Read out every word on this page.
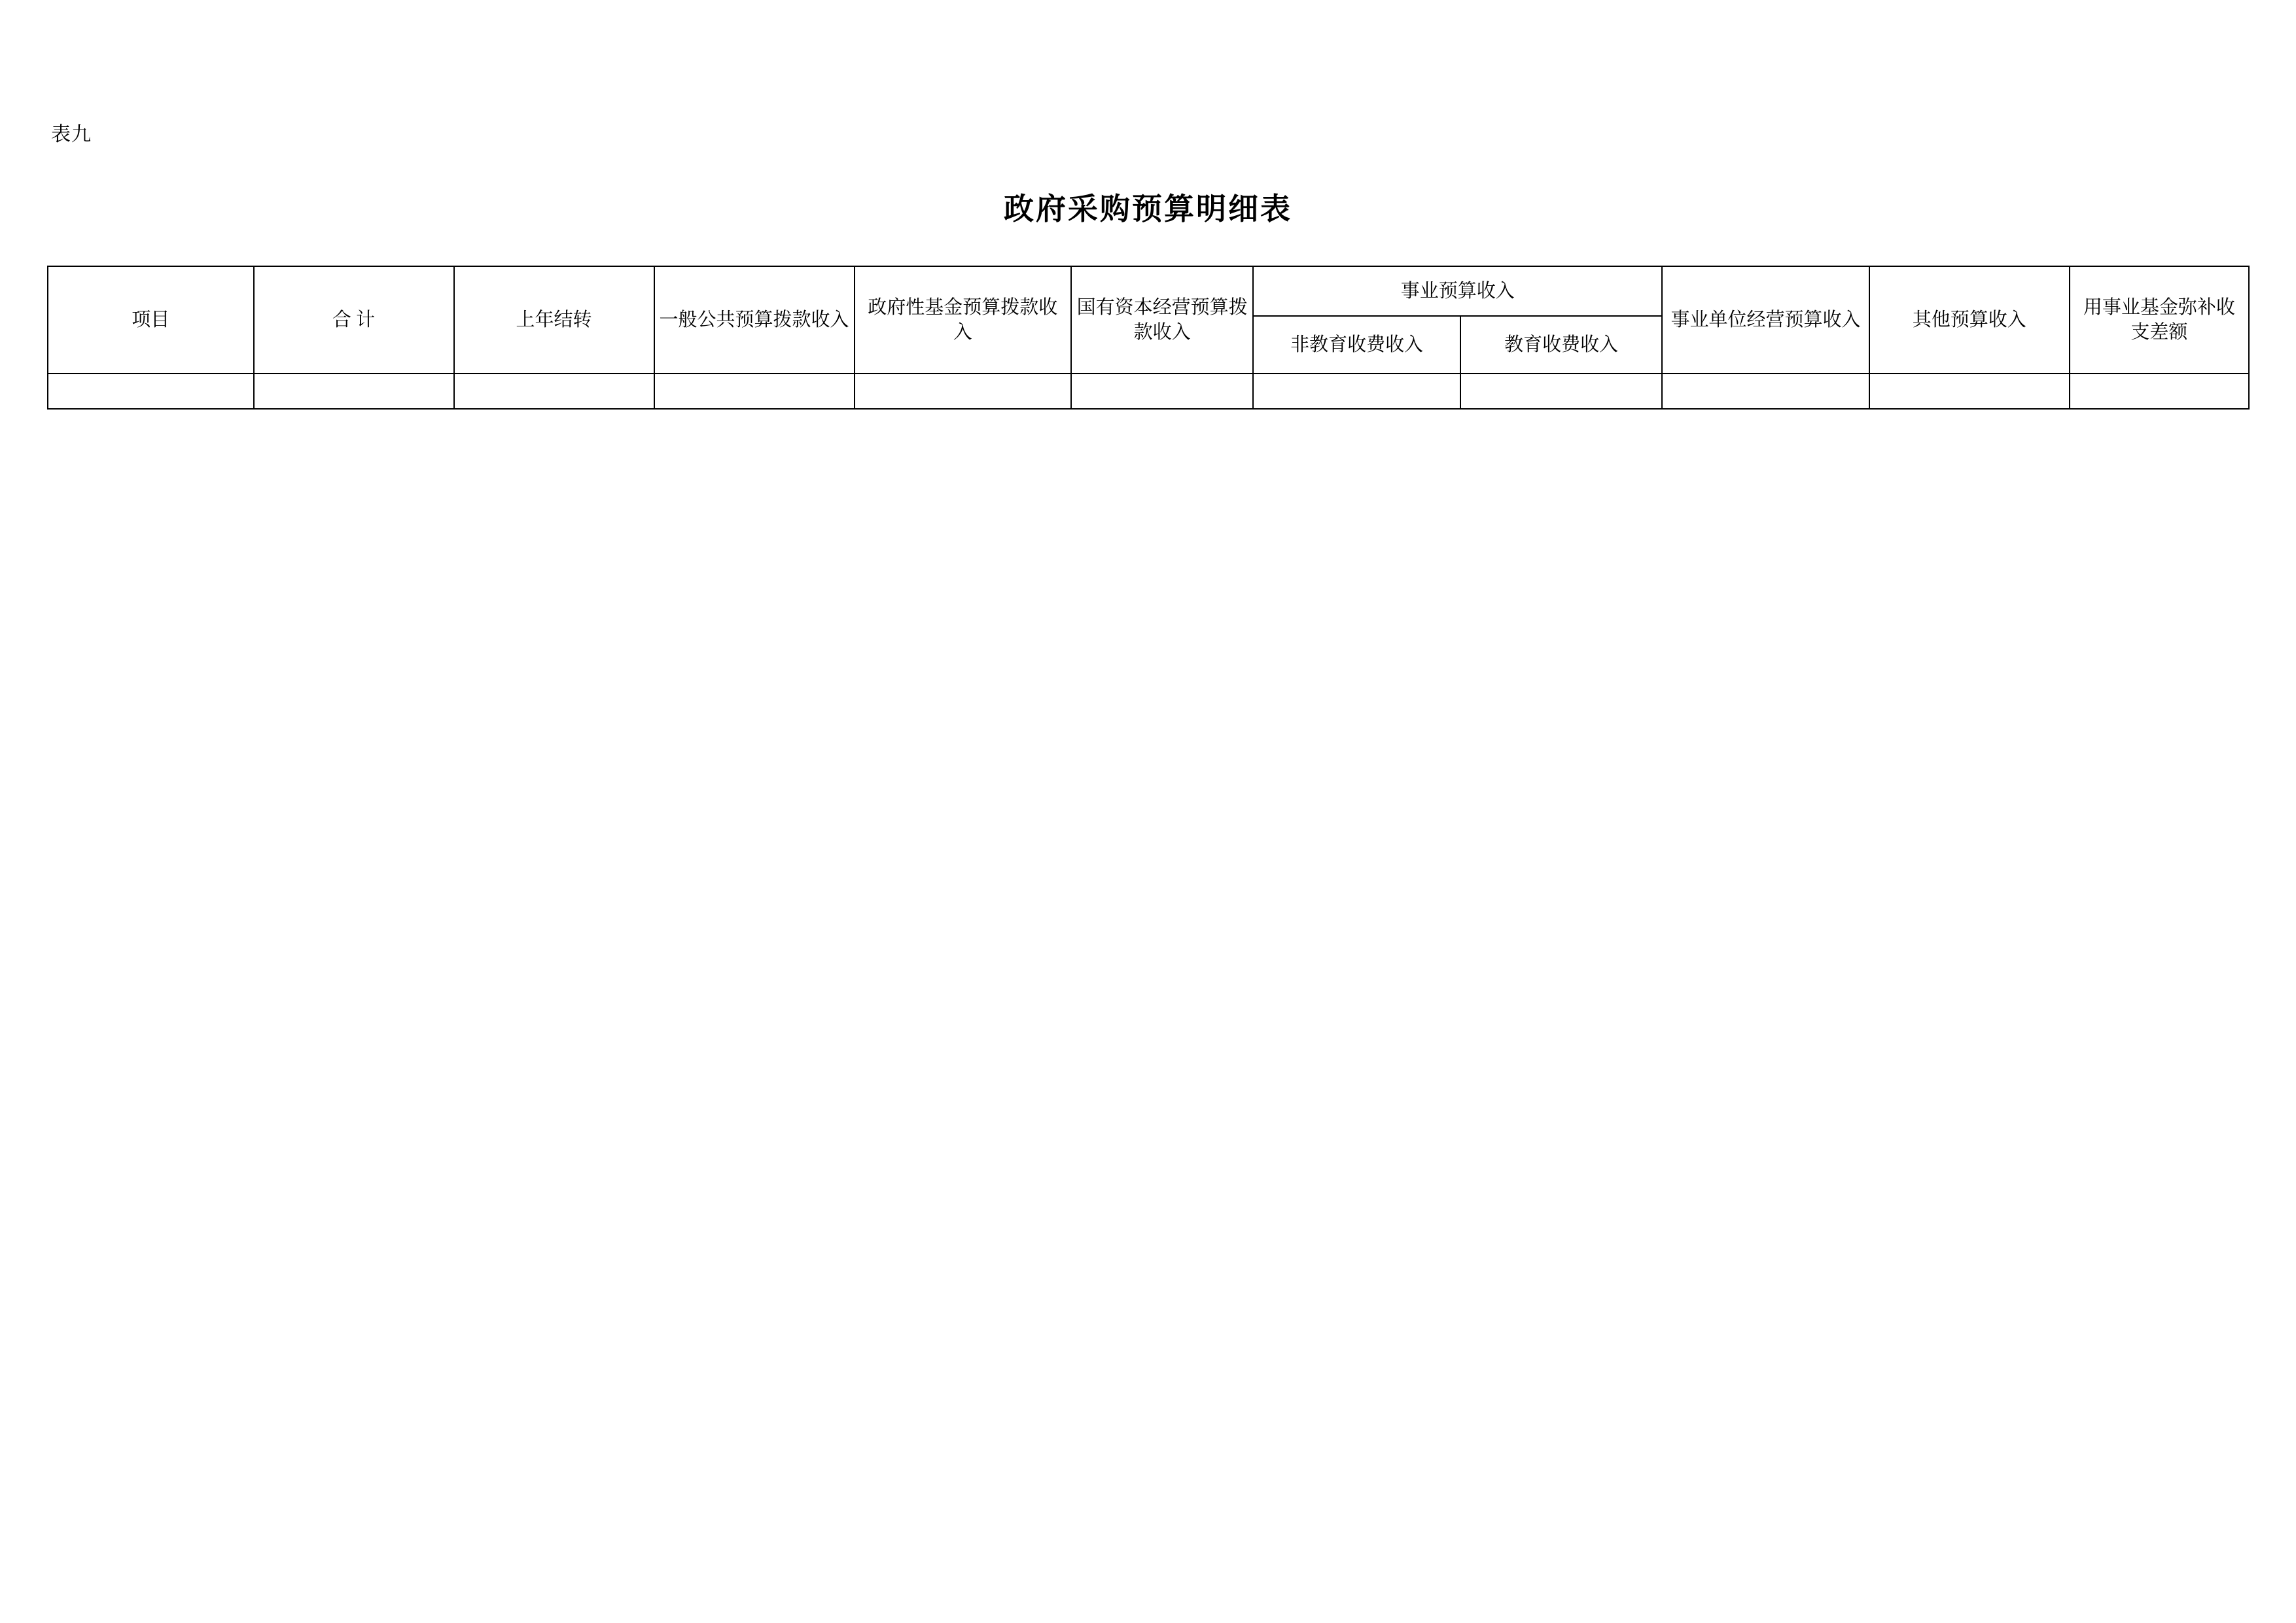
表九
政府采购预算明细表
项目	合 计	上年结转	一般公共预算拨款收入	政府性基金预算拨款收入	国有资本经营预算拨款收入	事业预算收入		事业单位经营预算收入	其他预算收入	用事业基金弥补收支差额
						非教育收费收入	教育收费收入			
